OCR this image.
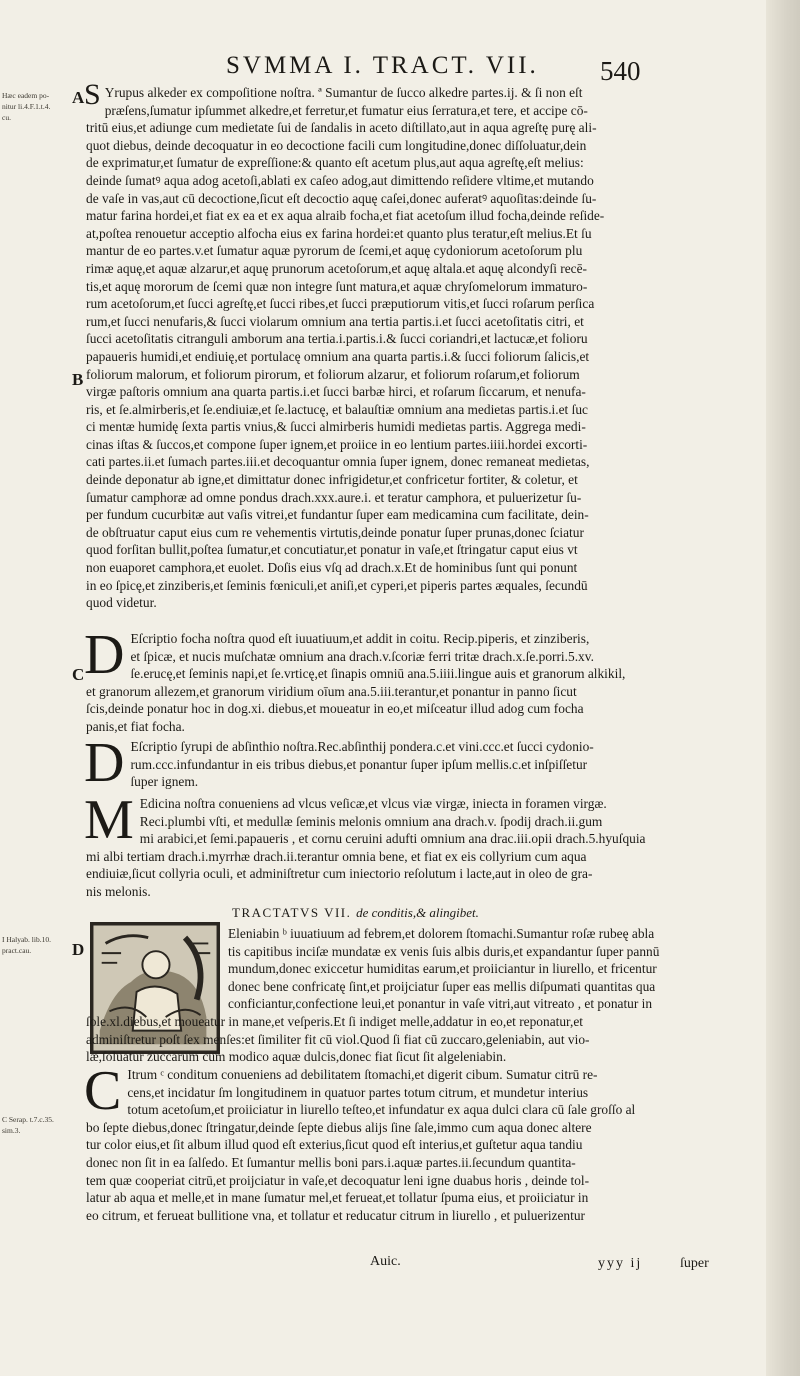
SVMMA I. TRACT. VII. 540
Hæc eadem po-
nitur li.4.F.1.t.4.
cu.
I Halyab. lib.10.
pract.cau.
C Serap. t.7.c.35.
sim.3.
A
B
C
D
S Yrupus alkeder ex compoſitione noſtra. ª Sumantur de ſucco alkedre partes.ij. & ſi non eſt
præſens,ſumatur ipſummet alkedre,et ferretur,et fumatur eius ſerratura,et tere, et accipe cō-
tritū eius,et adiunge cum medietate ſui de ſandalis in aceto diſtillato,aut in aqua agreſtę purę ali-
quot diebus, deinde decoquatur in eo decoctione facili cum longitudine,donec diſſoluatur,dein
de exprimatur,et ſumatur de expreſſione:& quanto eſt acetum plus,aut aqua agreſtę,eſt melius:
deinde ſumatꝰ aqua adog acetoſi,ablati ex caſeo adog,aut dimittendo reſidere vltime,et mutando
de vaſe in vas,aut cū decoctione,ſicut eſt decoctio aquę caſei,donec auferatꝰ aquoſitas:deinde ſu-
matur farina hordei,et fiat ex ea et ex aqua alraib focha,et fiat acetoſum illud focha,deinde reſide-
at,poſtea renouetur acceptio alfocha eius ex farina hordei:et quanto plus teratur,eſt melius.Et ſu
mantur de eo partes.v.et ſumatur aquæ pyrorum de ſcemi,et aquę cydoniorum acetoſorum plu
rimæ aquę,et aquæ alzarur,et aquę prunorum acetoſorum,et aquę altala.et aquę alcondyſi recē-
tis,et aquę mororum de ſcemi quæ non integre ſunt matura,et aquæ chryſomelorum immaturo-
rum acetoſorum,et ſucci agreſtę,et ſucci ribes,et ſucci præputiorum vitis,et ſucci roſarum perſica
rum,et ſucci nenufaris,& ſucci violarum omnium ana tertia partis.i.et ſucci acetoſitatis citri, et
ſucci acetoſitatis citranguli amborum ana tertia.i.partis.i.& ſucci coriandri,et lactucæ,et folioru
papaueris humidi,et endiuię,et portulacę omnium ana quarta partis.i.& ſucci foliorum ſalicis,et
foliorum malorum, et foliorum pirorum, et foliorum alzarur, et foliorum roſarum,et foliorum
virgæ paſtoris omnium ana quarta partis.i.et ſucci barbæ hirci, et roſarum ſiccarum, et nenufa-
ris, et ſe.almirberis,et ſe.endiuiæ,et ſe.lactucę, et balauſtiæ omnium ana medietas partis.i.et ſuc
ci mentæ humidę ſexta partis vnius,& ſucci almirberis humidi medietas partis. Aggrega medi-
cinas iſtas & ſuccos,et compone ſuper ignem,et proiice in eo lentium partes.iiii.hordei excorti-
cati partes.ii.et ſumach partes.iii.et decoquantur omnia ſuper ignem, donec remaneat medietas,
deinde deponatur ab igne,et dimittatur donec infrigidetur,et confricetur fortiter, & coletur, et
ſumatur camphoræ ad omne pondus drach.xxx.aure.i. et teratur camphora, et puluerizetur ſu-
per fundum cucurbitæ aut vaſis vitrei,et fundantur ſuper eam medicamina cum facilitate, dein-
de obſtruatur caput eius cum re vehementis virtutis,deinde ponatur ſuper prunas,donec ſciatur
quod forſitan bullit,poſtea ſumatur,et concutiatur,et ponatur in vaſe,et ſtringatur caput eius vt
non euaporet camphora,et euolet. Doſis eius vſq ad drach.x.Et de hominibus ſunt qui ponunt
in eo ſpicę,et zinziberis,et ſeminis fœniculi,et aniſi,et cyperi,et piperis partes æquales, ſecundū
quod videtur.
D Eſcriptio focha noſtra quod eſt iuuatiuum,et addit in coitu. Recip.piperis, et zinziberis,
et ſpicæ, et nucis muſchatæ omnium ana drach.v.ſcoriæ ferri tritæ drach.x.ſe.porri.5.xv.
ſe.erucę,et ſeminis napi,et ſe.vrticę,et ſinapis omniū ana.5.iiii.lingue auis et granorum alkikil,
et granorum allezem,et granorum viridium oīum ana.5.iii.terantur,et ponantur in panno ſicut
ſcis,deinde ponatur hoc in dog.xi. diebus,et moueatur in eo,et miſceatur illud adog cum focha
panis,et fiat focha.
D Eſcriptio ſyrupi de abſinthio noſtra.Rec.abſinthij pondera.c.et vini.ccc.et ſucci cydonio-
rum.ccc.infundantur in eis tribus diebus,et ponantur ſuper ipſum mellis.c.et inſpiſſetur
ſuper ignem.
M Edicina noſtra conueniens ad vlcus veſicæ,et vlcus viæ virgæ, iniecta in foramen virgæ.
Reci.plumbi vſti, et medullæ ſeminis melonis omnium ana drach.v. ſpodij drach.ii.gum
mi arabici,et ſemi.papaueris , et cornu ceruini adufti omnium ana drac.iii.opii drach.5.hyuſquia
mi albi tertiam drach.i.myrrhæ drach.ii.terantur omnia bene, et fiat ex eis collyrium cum aqua
endiuiæ,ſicut collyria oculi, et adminiſtretur cum iniectorio reſolutum i lacte,aut in oleo de gra-
nis melonis.
TRACTATVS VII. de conditis,& alingibet.
Eleniabin ᵇ iuuatiuum ad febrem,et dolorem ſtomachi.Sumantur roſæ rubeę abla
tis capitibus inciſæ mundatæ ex venis ſuis albis duris,et expandantur ſuper pannū
mundum,donec exiccetur humiditas earum,et proiiciantur in liurello, et fricentur
donec bene confricatę ſint,et proijciatur ſuper eas mellis diſpumati quantitas qua
conficiantur,confectione leui,et ponantur in vaſe vitri,aut vitreato , et ponatur in
ſole.xl.diebus,et moueatur in mane,et veſperis.Et ſi indiget melle,addatur in eo,et reponatur,et
adminiſtretur poſt ſex menſes:et ſimiliter fit cū viol.Quod ſi fiat cū zuccaro,geleniabin, aut vio-
læ,ſoluatur zuccarum cum modico aquæ dulcis,donec fiat ſicut ſit algeleniabin.
C Itrum ᶜ conditum conueniens ad debilitatem ſtomachi,et digerit cibum. Sumatur citrū re-
cens,et incidatur ſm longitudinem in quatuor partes totum citrum, et mundetur interius
totum acetoſum,et proiiciatur in liurello teſteo,et infundatur ex aqua dulci clara cū ſale groſſo al
bo ſepte diebus,donec ſtringatur,deinde ſepte diebus alijs ſine ſale,immo cum aqua donec altere
tur color eius,et ſit album illud quod eſt exterius,ſicut quod eſt interius,et guſtetur aqua tandiu
donec non ſit in ea ſalſedo. Et ſumantur mellis boni pars.i.aquæ partes.ii.ſecundum quantita-
tem quæ cooperiat citrū,et proijciatur in vaſe,et decoquatur leni igne duabus horis , deinde tol-
latur ab aqua et melle,et in mane ſumatur mel,et ferueat,et tollatur ſpuma eius, et proiiciatur in
eo citrum, et ferueat bullitione vna, et tollatur et reducatur citrum in liurello , et puluerizentur
Auic.	yyy ij	ſuper
